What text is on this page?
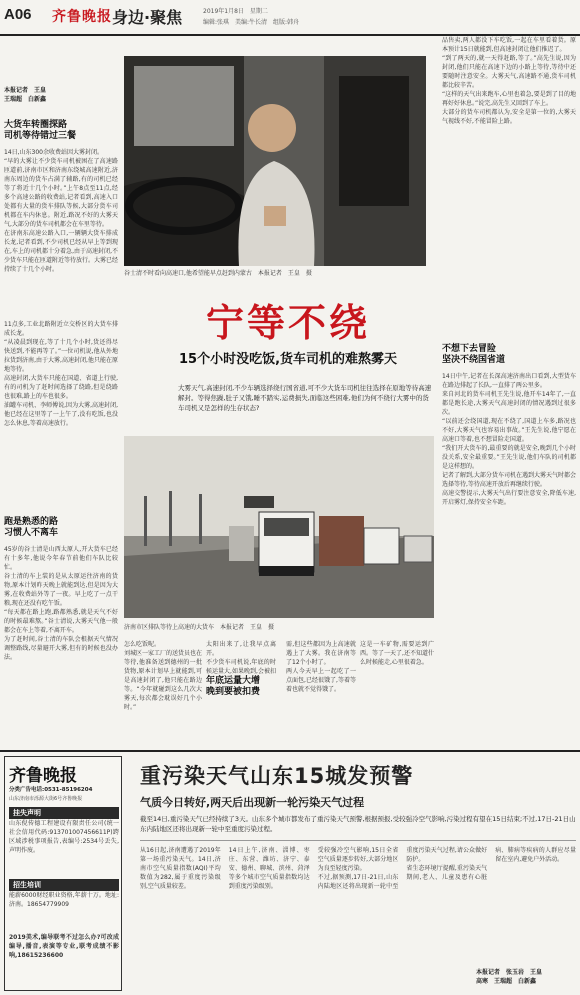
A06 齐鲁晚报 身边·聚焦	2019年1月8日　星期二
编辑:张琪　美编:牛长清　组版:韩舟
本报记者　王皇
王瑞超　白新鑫
大货车转圈探路
司机等待错过三餐
14日,山东300余收费站因大雾封闭。
“早的大雾让不少货车司机被困在了高速路匝道前,济南市区和济南东绕城高速附近,济南东周边的货车占满了辅路,有的司机已经等了将近十几个小时。”上午8点至11点,经多个高速公路的收费站,记者看到,高速入口处都有大量的货车排队等候,大部分货车司机都在车内休息。附近,路况不好的大雾天气,大部分的货车司机都会在车里等待。
在济南东高速公路入口,一辆辆大货车排成长龙,记者看到,不少司机已经从早上等到现在,车上的司机都十分着急,由于高速封闭,不少货车只能在匝道附近等待放行。大雾已经持续了十几个小时。
11点多,工业北路附近立交桥区的大货车排成长龙。
“从凌晨到现在,等了十几个小时,货还得尽快送到,不能再等了。”一位司机说,他从外地拉货到济南,由于大雾,高速封闭,他只能在原地等待。
高速封闭,大货车只能在国道、省道上行驶,有的司机为了赶时间选择了绕路,但是绕路也很难,路上的车也很多。
油罐车司机、李师傅说,因为大雾,高速封闭,他已经在这里等了一上午了,没有吃饭,也没怎么休息,等着高速放行。
跑是熟悉的路
习惯人不离车
45岁的谷士清是山西太原人,开大货车已经有十多年,他说今年春节前他们车队比较忙。
谷士清的车上装的是从太原运往济南的货物,原本计划昨天晚上就能到达,但是因为大雾,在收费站外等了一夜。早上吃了一点干粮,现在还没有吃午饭。
“每天都在路上跑,路都熟悉,就是天气不好的时候最难熬。”谷士清说,大雾天气他一般都会在车上等着,不离开车。
为了赶时间,谷士清的车队会根据天气情况调整路线,尽量避开大雾,但有的时候也没办法。
谷士清不时看向高速口,他希望能早点赶到内蒙古　本报记者　王皇　摄
品售卖,两人都没下车吃饭,一起在车里看着货。原本预计15日就能到,但高速封闭让他们推迟了。
“到了两天的,就一天得赶路,等了。”高先生说,因为封闭,他们只能在高速下边的小路上等待,等待中还要随时注意安全。大雾天气,高速路不通,货车司机都比较辛苦。
“这样的天气出来跑车,心里也着急,要是到了目的地再好好休息。”说完,高先生又回到了车上。
大部分的货车司机都认为,安全是第一位的,大雾天气视线不好,不能冒险上路。
不想下去冒险
坚决不绕国省道
14日中午,记者在长深高速济南出口看到,大型货车在路边排起了长队,一直排了两公里多。
来自河北的货车司机王先生说,他开车14年了,一直都是跑长途,大雾天气高速封闭的情况遇到过很多次。
“以前还会绕国道,现在不绕了,国道上车多,路况也不好,大雾天气也容易出事故。”王先生说,他宁愿在高速口等着,也不想冒险走国道。
“我们开大货车的,最重要的就是安全,晚到几个小时没关系,安全最重要。”王先生说,他们车队的司机都是这样想的。
记者了解到,大部分货车司机在遇到大雾天气时都会选择等待,等待高速开放后再继续行驶。
高速交警提示,大雾天气出行要注意安全,降低车速,开启雾灯,保持安全车距。
宁等不绕
15个小时没吃饭,货车司机的难熬雾天
大雾天气,高速封闭,不少车辆选择绕行国省道,可不少大货车司机往往选择在原地等待高速解封。等得焦躁,肚子又饿,睡不踏实,运费损失,面临这些困难,他们为何不绕行大雾中的货车司机又是怎样的生存状态?
济南市区排队等待上高速的大货车　本报记者　王皇　摄
怎么吃饭呢。
刘城区一家工厂的送货员也在等待,他准备送到德州的一批货物,原本计划早上就能到,可是高速封闭了,他只能在路边等。“今年就碰到这么几次大雾天,每次都会耽误好几个小时。”
太阳出来了,让我早点离开。
不少货车司机说,年底的时候运量大,如果晚到,会被扣

年底运量大增
晚到要被扣费
需,但这些都因为上高速就遇上了大雾。我在济南等了12个小时了。
两人今天早上一起吃了一点面包,已经很饿了,等着等着也就不觉得饿了。
这是一车矿物,需要运到广西。等了一天了,还不知道什么时候能走,心里很着急。
齐鲁晚报
分类广告电话:0531-85196204
山东济南市泺源大街6号齐鲁晚报
挂失声明
山东倪传德工程建设有限责任公司(统一社会信用代码:913701007456611P)跨区域涉税事项报告,表编号:2534号丢失,声明作废。
招生培训
能薪6000财经职业资格,年薪十万。地址:济南。18654779909
2019美术,编导联考不过怎么办?可改成编导,播音,表演等专业,联考成绩不影响,18615236600
重污染天气山东15城发预警
气质今日转好,两天后出现新一轮污染天气过程
截至14日,重污染天气已经持续了3天。山东多个城市都发布了重污染天气预警,根据预报,受较强冷空气影响,污染过程有望在15日结束;不过,17日-21日山东内陆地区还将出现新一轮中至重度污染过程。
从16日起,济南遭遇了2019年第一场重污染天气。14日,济南市空气质量指数(AQI)平均数值为282,属于重度污染级别,空气质量较差。
14日上午,济南、淄博、枣庄、东营、潍坊、济宁、泰安、德州、聊城、滨州、菏泽等多个城市空气质量指数均达到重度污染级别。
受较强冷空气影响,15日全省空气质量逐步转好,大部分地区为良至轻度污染。
不过,据预测,17日-21日,山东内陆地区还将出现新一轮中至重度污染天气过程,请公众做好防护。
省生态环境厅提醒,重污染天气期间,老人、儿童及患有心脏病、肺病等疾病的人群应尽量留在室内,避免户外活动。
本报记者　张玉岩　王皇
高寒　王瑞超　白新鑫
